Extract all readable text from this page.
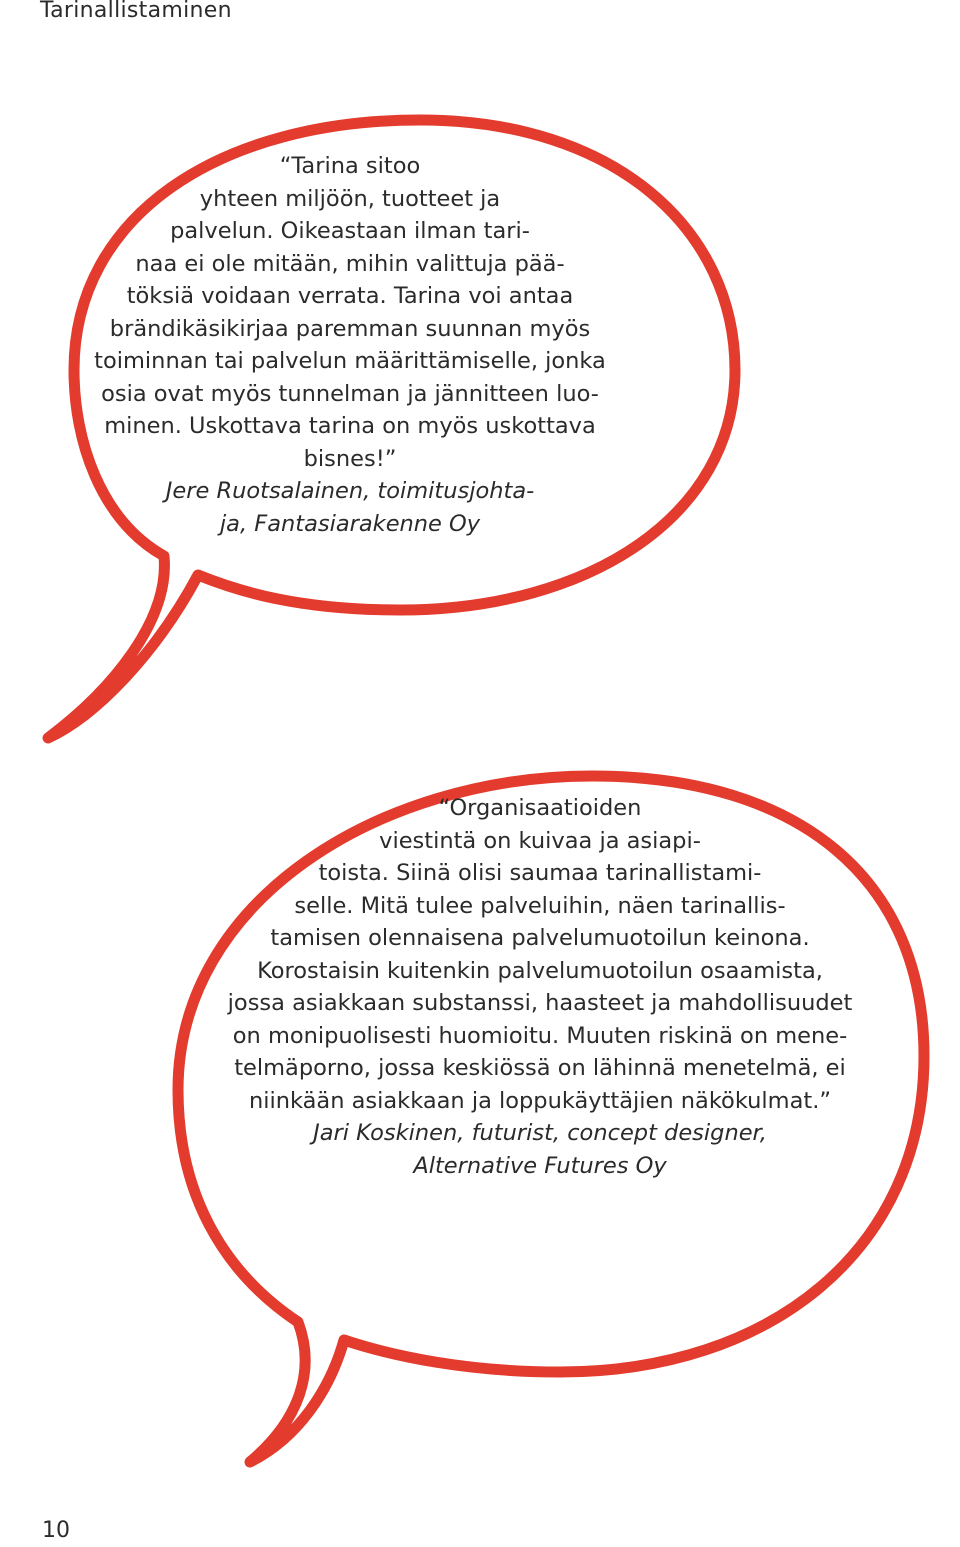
Tarinallistaminen
“Tarina sitoo
yhteen miljöön, tuotteet ja
palvelun. Oikeastaan ilman tari-
naa ei ole mitään, mihin valittuja pää-
töksiä voidaan verrata. Tarina voi antaa
brändikäsikirjaa paremman suunnan myös
toiminnan tai palvelun määrittämiselle, jonka
osia ovat myös tunnelman ja jännitteen luo-
minen. Uskottava tarina on myös uskottava
bisnes!”
Jere Ruotsalainen, toimitusjohta-
ja, Fantasiarakenne Oy
“Organisaatioiden
viestintä on kuivaa ja asiapi-
toista. Siinä olisi saumaa tarinallistami-
selle. Mitä tulee palveluihin, näen tarinallis-
tamisen olennaisena palvelumuotoilun keinona.
Korostaisin kuitenkin palvelumuotoilun osaamista,
jossa asiakkaan substanssi, haasteet ja mahdollisuudet
on monipuolisesti huomioitu. Muuten riskinä on mene-
telmäporno, jossa keskiössä on lähinnä menetelmä, ei
niinkään asiakkaan ja loppukäyttäjien näkökulmat.”
Jari Koskinen, futurist, concept designer,
Alternative Futures Oy
10
